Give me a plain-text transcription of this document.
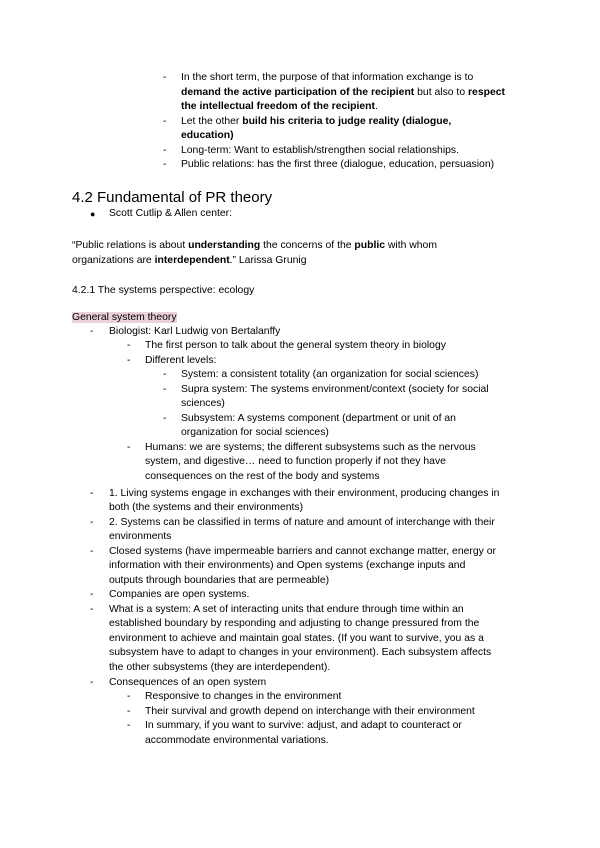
- In the short term, the purpose of that information exchange is to
demand the active participation of the recipient but also to respect
the intellectual freedom of the recipient.
- Let the other build his criteria to judge reality (dialogue,
education)
- Long-term: Want to establish/strengthen social relationships.
- Public relations: has the first three (dialogue, education, persuasion)
4.2 Fundamental of PR theory
● Scott Cutlip & Allen center:
“Public relations is about understanding the concerns of the public with whom
organizations are interdependent.” Larissa Grunig
4.2.1 The systems perspective: ecology
General system theory
- Biologist: Karl Ludwig von Bertalanffy
- The first person to talk about the general system theory in biology
- Different levels:
- System: a consistent totality (an organization for social sciences)
- Supra system: The systems environment/context (society for social
sciences)
- Subsystem: A systems component (department or unit of an
organization for social sciences)
- Humans: we are systems; the different subsystems such as the nervous
system, and digestive… need to function properly if not they have
consequences on the rest of the body and systems
- 1. Living systems engage in exchanges with their environment, producing changes in
both (the systems and their environments)
- 2. Systems can be classified in terms of nature and amount of interchange with their
environments
- Closed systems (have impermeable barriers and cannot exchange matter, energy or
information with their environments) and Open systems (exchange inputs and
outputs through boundaries that are permeable)
- Companies are open systems.
- What is a system: A set of interacting units that endure through time within an
established boundary by responding and adjusting to change pressured from the
environment to achieve and maintain goal states. (If you want to survive, you as a
subsystem have to adapt to changes in your environment). Each subsystem affects
the other subsystems (they are interdependent).
- Consequences of an open system
- Responsive to changes in the environment
- Their survival and growth depend on interchange with their environment
- In summary, if you want to survive: adjust, and adapt to counteract or
accommodate environmental variations.
